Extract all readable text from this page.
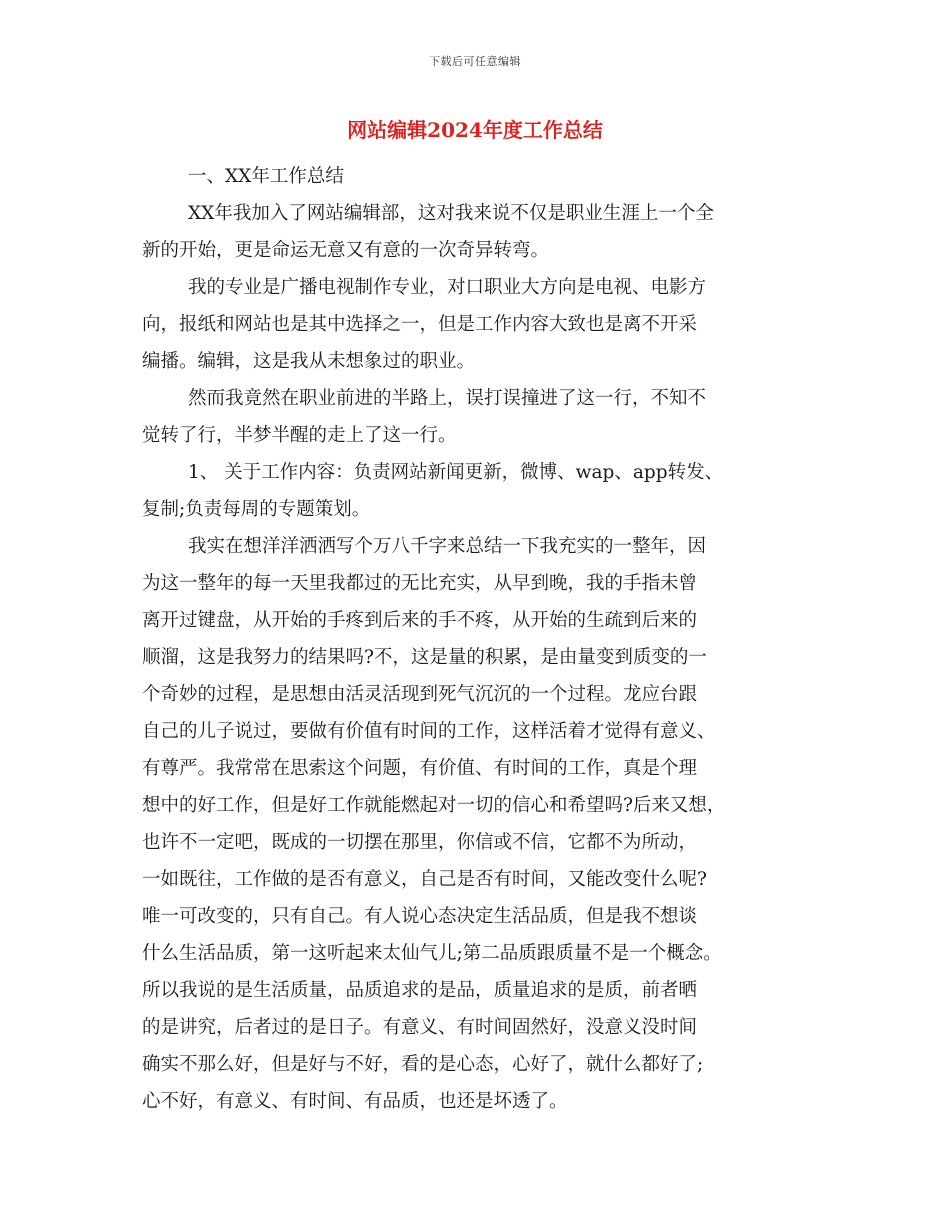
下载后可任意编辑
网站编辑2024年度工作总结
一、XX年工作总结
XX年我加入了网站编辑部，这对我来说不仅是职业生涯上一个全
新的开始，更是命运无意又有意的一次奇异转弯。
我的专业是广播电视制作专业，对口职业大方向是电视、电影方
向，报纸和网站也是其中选择之一，但是工作内容大致也是离不开采
编播。编辑，这是我从未想象过的职业。
然而我竟然在职业前进的半路上，误打误撞进了这一行，不知不
觉转了行，半梦半醒的走上了这一行。
1、 关于工作内容：负责网站新闻更新，微博、wap、app转发、
复制;负责每周的专题策划。
我实在想洋洋洒洒写个万八千字来总结一下我充实的一整年，因
为这一整年的每一天里我都过的无比充实，从早到晚，我的手指未曾
离开过键盘，从开始的手疼到后来的手不疼，从开始的生疏到后来的
顺溜，这是我努力的结果吗?不，这是量的积累，是由量变到质变的一
个奇妙的过程，是思想由活灵活现到死气沉沉的一个过程。龙应台跟
自己的儿子说过，要做有价值有时间的工作，这样活着才觉得有意义、
有尊严。我常常在思索这个问题，有价值、有时间的工作，真是个理
想中的好工作，但是好工作就能燃起对一切的信心和希望吗?后来又想，
也许不一定吧，既成的一切摆在那里，你信或不信，它都不为所动，
一如既往，工作做的是否有意义，自己是否有时间，又能改变什么呢?
唯一可改变的，只有自己。有人说心态决定生活品质，但是我不想谈
什么生活品质，第一这听起来太仙气儿;第二品质跟质量不是一个概念。
所以我说的是生活质量，品质追求的是品，质量追求的是质，前者晒
的是讲究，后者过的是日子。有意义、有时间固然好，没意义没时间
确实不那么好，但是好与不好，看的是心态，心好了，就什么都好了;
心不好，有意义、有时间、有品质，也还是坏透了。
